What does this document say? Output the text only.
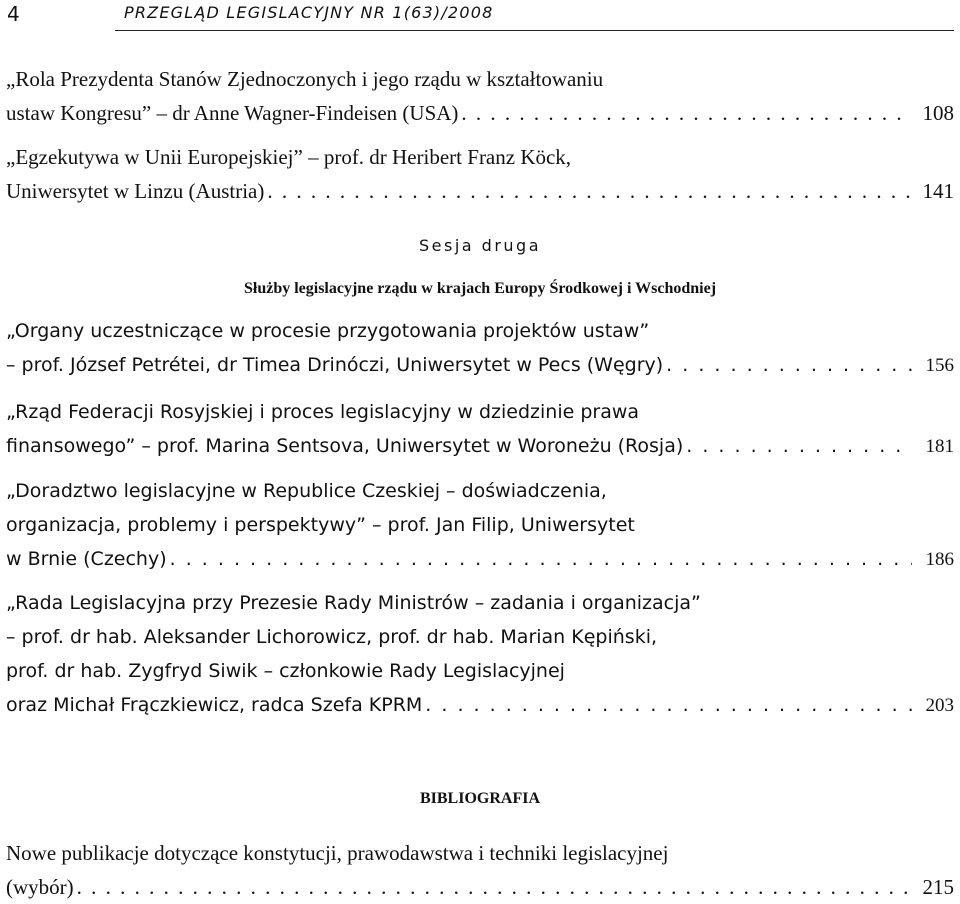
4	PRZEGLĄD LEGISLACYJNY NR 1(63)/2008
„Rola Prezydenta Stanów Zjednoczonych i jego rządu w kształtowaniu
ustaw Kongresu” – dr Anne Wagner-Findeisen (USA) . . .	108
„Egzekutywa w Unii Europejskiej” – prof. dr Heribert Franz Köck,
Uniwersytet w Linzu (Austria) . . .	141
Sesja druga
Służby legislacyjne rządu w krajach Europy Środkowej i Wschodniej
„Organy uczestniczące w procesie przygotowania projektów ustaw”
– prof. József Petrétei, dr Timea Drinóczi, Uniwersytet w Pecs (Węgry) . . .	156
„Rząd Federacji Rosyjskiej i proces legislacyjny w dziedzinie prawa
finansowego” – prof. Marina Sentsova, Uniwersytet w Woroneżu (Rosja) . . .	181
„Doradztwo legislacyjne w Republice Czeskiej – doświadczenia,
organizacja, problemy i perspektywy” – prof. Jan Filip, Uniwersytet
w Brnie (Czechy) . . .	186
„Rada Legislacyjna przy Prezesie Rady Ministrów – zadania i organizacja”
– prof. dr hab. Aleksander Lichorowicz, prof. dr hab. Marian Kępiński,
prof. dr hab. Zygfryd Siwik – członkowie Rady Legislacyjnej
oraz Michał Frączkiewicz, radca Szefa KPRM . . .	203
BIBLIOGRAFIA
Nowe publikacje dotyczące konstytucji, prawodawstwa i techniki legislacyjnej
(wybór) . . .	215
